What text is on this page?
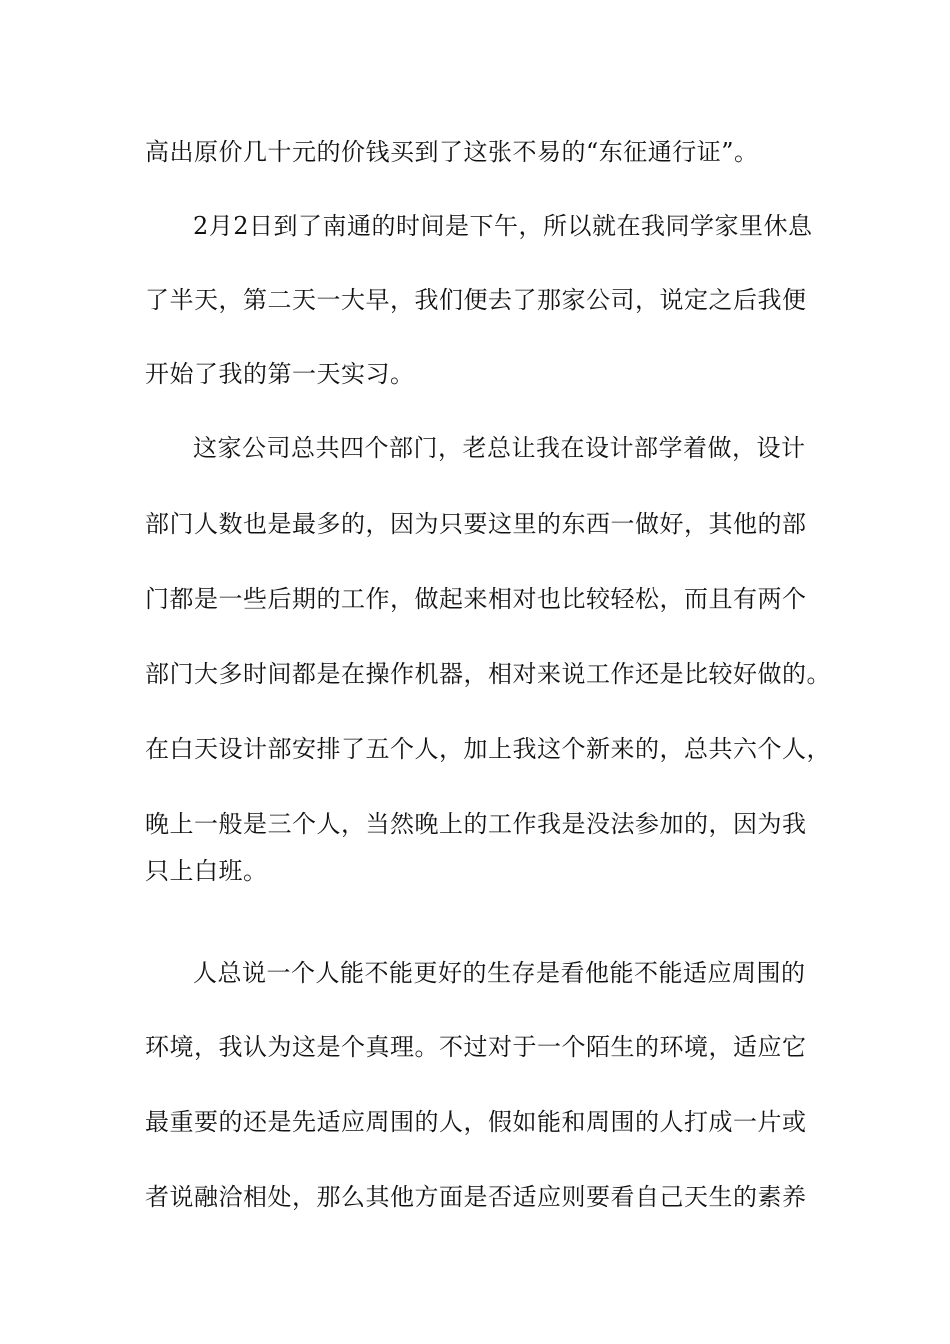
高出原价几十元的价钱买到了这张不易的“东征通行证”。
2月2日到了南通的时间是下午，所以就在我同学家里休息
了半天，第二天一大早，我们便去了那家公司，说定之后我便
开始了我的第一天实习。
这家公司总共四个部门，老总让我在设计部学着做，设计
部门人数也是最多的，因为只要这里的东西一做好，其他的部
门都是一些后期的工作，做起来相对也比较轻松，而且有两个
部门大多时间都是在操作机器，相对来说工作还是比较好做的。
在白天设计部安排了五个人，加上我这个新来的，总共六个人，
晚上一般是三个人，当然晚上的工作我是没法参加的，因为我
只上白班。
人总说一个人能不能更好的生存是看他能不能适应周围的
环境，我认为这是个真理。不过对于一个陌生的环境，适应它
最重要的还是先适应周围的人，假如能和周围的人打成一片或
者说融洽相处，那么其他方面是否适应则要看自己天生的素养
